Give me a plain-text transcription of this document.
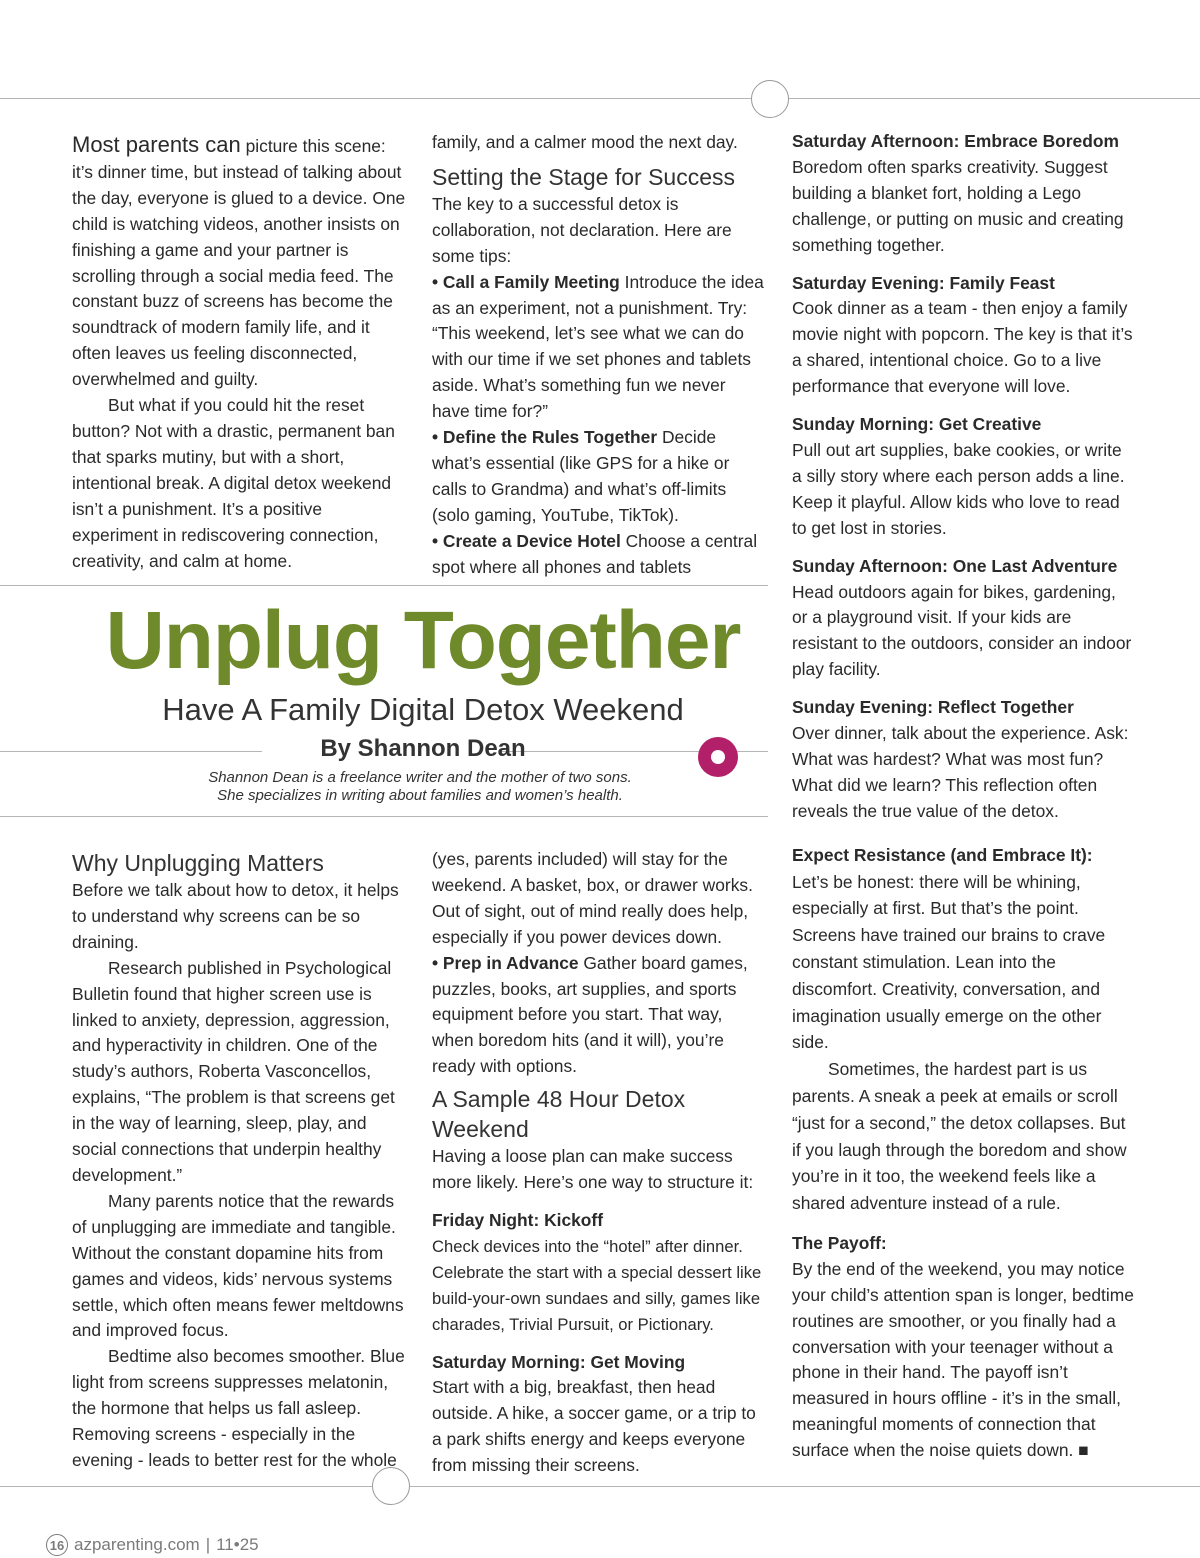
Unplug Together
Have A Family Digital Detox Weekend
By Shannon Dean
Shannon Dean is a freelance writer and the mother of two sons.
She specializes in writing about families and women’s health.

Most parents can picture this scene: it’s dinner time, but instead of talking about the day, everyone is glued to a device. One child is watching videos, another insists on finishing a game and your partner is scrolling through a social media feed. The constant buzz of screens has become the soundtrack of modern family life, and it often leaves us feeling disconnected, overwhelmed and guilty.

But what if you could hit the reset button? Not with a drastic, permanent ban that sparks mutiny, but with a short, intentional break. A digital detox weekend isn’t a punishment. It’s a positive experiment in rediscovering connection, creativity, and calm at home.

family, and a calmer mood the next day.

Setting the Stage for Success

The key to a successful detox is collaboration, not declaration. Here are some tips:

• Call a Family Meeting Introduce the idea as an experiment, not a punishment. Try: “This weekend, let’s see what we can do with our time if we set phones and tablets aside. What’s something fun we never have time for?”

• Define the Rules Together Decide what’s essential (like GPS for a hike or calls to Grandma) and what’s off-limits (solo gaming, YouTube, TikTok).

• Create a Device Hotel Choose a central spot where all phones and tablets

Why Unplugging Matters

Before we talk about how to detox, it helps to understand why screens can be so draining.

Research published in Psychological Bulletin found that higher screen use is linked to anxiety, depression, aggression, and hyperactivity in children. One of the study’s authors, Roberta Vasconcellos, explains, “The problem is that screens get in the way of learning, sleep, play, and social connections that underpin healthy development.”

Many parents notice that the rewards of unplugging are immediate and tangible. Without the constant dopamine hits from games and videos, kids’ nervous systems settle, which often means fewer meltdowns and improved focus.

Bedtime also becomes smoother. Blue light from screens suppresses melatonin, the hormone that helps us fall asleep. Removing screens - especially in the evening - leads to better rest for the whole

(yes, parents included) will stay for the weekend. A basket, box, or drawer works. Out of sight, out of mind really does help, especially if you power devices down.

• Prep in Advance Gather board games, puzzles, books, art supplies, and sports equipment before you start. That way, when boredom hits (and it will), you’re ready with options.

A Sample 48 Hour Detox Weekend

Having a loose plan can make success more likely. Here’s one way to structure it:

Friday Night: Kickoff

Check devices into the “hotel” after dinner. Celebrate the start with a special dessert like build-your-own sundaes and silly, games like charades, Trivial Pursuit, or Pictionary.

Saturday Morning: Get Moving

Start with a big, breakfast, then head outside. A hike, a soccer game, or a trip to a park shifts energy and keeps everyone from missing their screens.

Saturday Afternoon: Embrace Boredom

Boredom often sparks creativity. Suggest building a blanket fort, holding a Lego challenge, or putting on music and creating something together.

Saturday Evening: Family Feast

Cook dinner as a team - then enjoy a family movie night with popcorn. The key is that it’s a shared, intentional choice. Go to a live performance that everyone will love.

Sunday Morning: Get Creative

Pull out art supplies, bake cookies, or write a silly story where each person adds a line. Keep it playful. Allow kids who love to read to get lost in stories.

Sunday Afternoon: One Last Adventure

Head outdoors again for bikes, gardening, or a playground visit. If your kids are resistant to the outdoors, consider an indoor play facility.

Sunday Evening: Reflect Together

Over dinner, talk about the experience. Ask: What was hardest? What was most fun? What did we learn? This reflection often reveals the true value of the detox.

Expect Resistance (and Embrace It):

Let’s be honest: there will be whining, especially at first. But that’s the point. Screens have trained our brains to crave constant stimulation. Lean into the discomfort. Creativity, conversation, and imagination usually emerge on the other side.

Sometimes, the hardest part is us parents. A sneak a peek at emails or scroll “just for a second,” the detox collapses. But if you laugh through the boredom and show you’re in it too, the weekend feels like a shared adventure instead of a rule.

The Payoff:

By the end of the weekend, you may notice your child’s attention span is longer, bedtime routines are smoother, or you finally had a conversation with your teenager without a phone in their hand. The payoff isn’t measured in hours offline - it’s in the small, meaningful moments of connection that surface when the noise quiets down. ■

16 azparenting.com | 11•25
